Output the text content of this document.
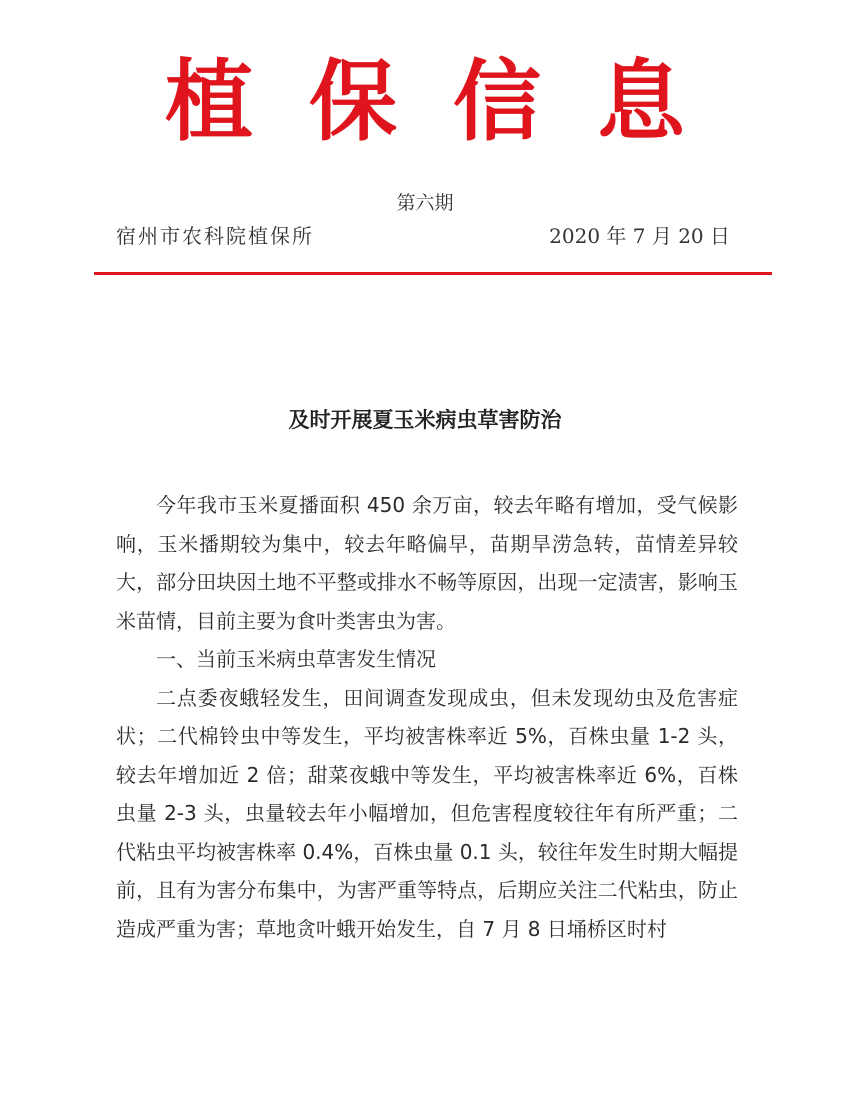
植保信息
第六期
宿州市农科院植保所	2020 年 7 月 20 日
及时开展夏玉米病虫草害防治

今年我市玉米夏播面积 450 余万亩，较去年略有增加，受气候影响，玉米播期较为集中，较去年略偏早，苗期旱涝急转，苗情差异较大，部分田块因土地不平整或排水不畅等原因，出现一定渍害，影响玉米苗情，目前主要为食叶类害虫为害。

一、当前玉米病虫草害发生情况

二点委夜蛾轻发生，田间调查发现成虫，但未发现幼虫及危害症状；二代棉铃虫中等发生，平均被害株率近 5%，百株虫量 1-2 头，较去年增加近 2 倍；甜菜夜蛾中等发生，平均被害株率近 6%，百株虫量 2-3 头，虫量较去年小幅增加，但危害程度较往年有所严重；二代粘虫平均被害株率 0.4%，百株虫量 0.1 头，较往年发生时期大幅提前，且有为害分布集中，为害严重等特点，后期应关注二代粘虫，防止造成严重为害；草地贪叶蛾开始发生，自 7 月 8 日埇桥区时村
